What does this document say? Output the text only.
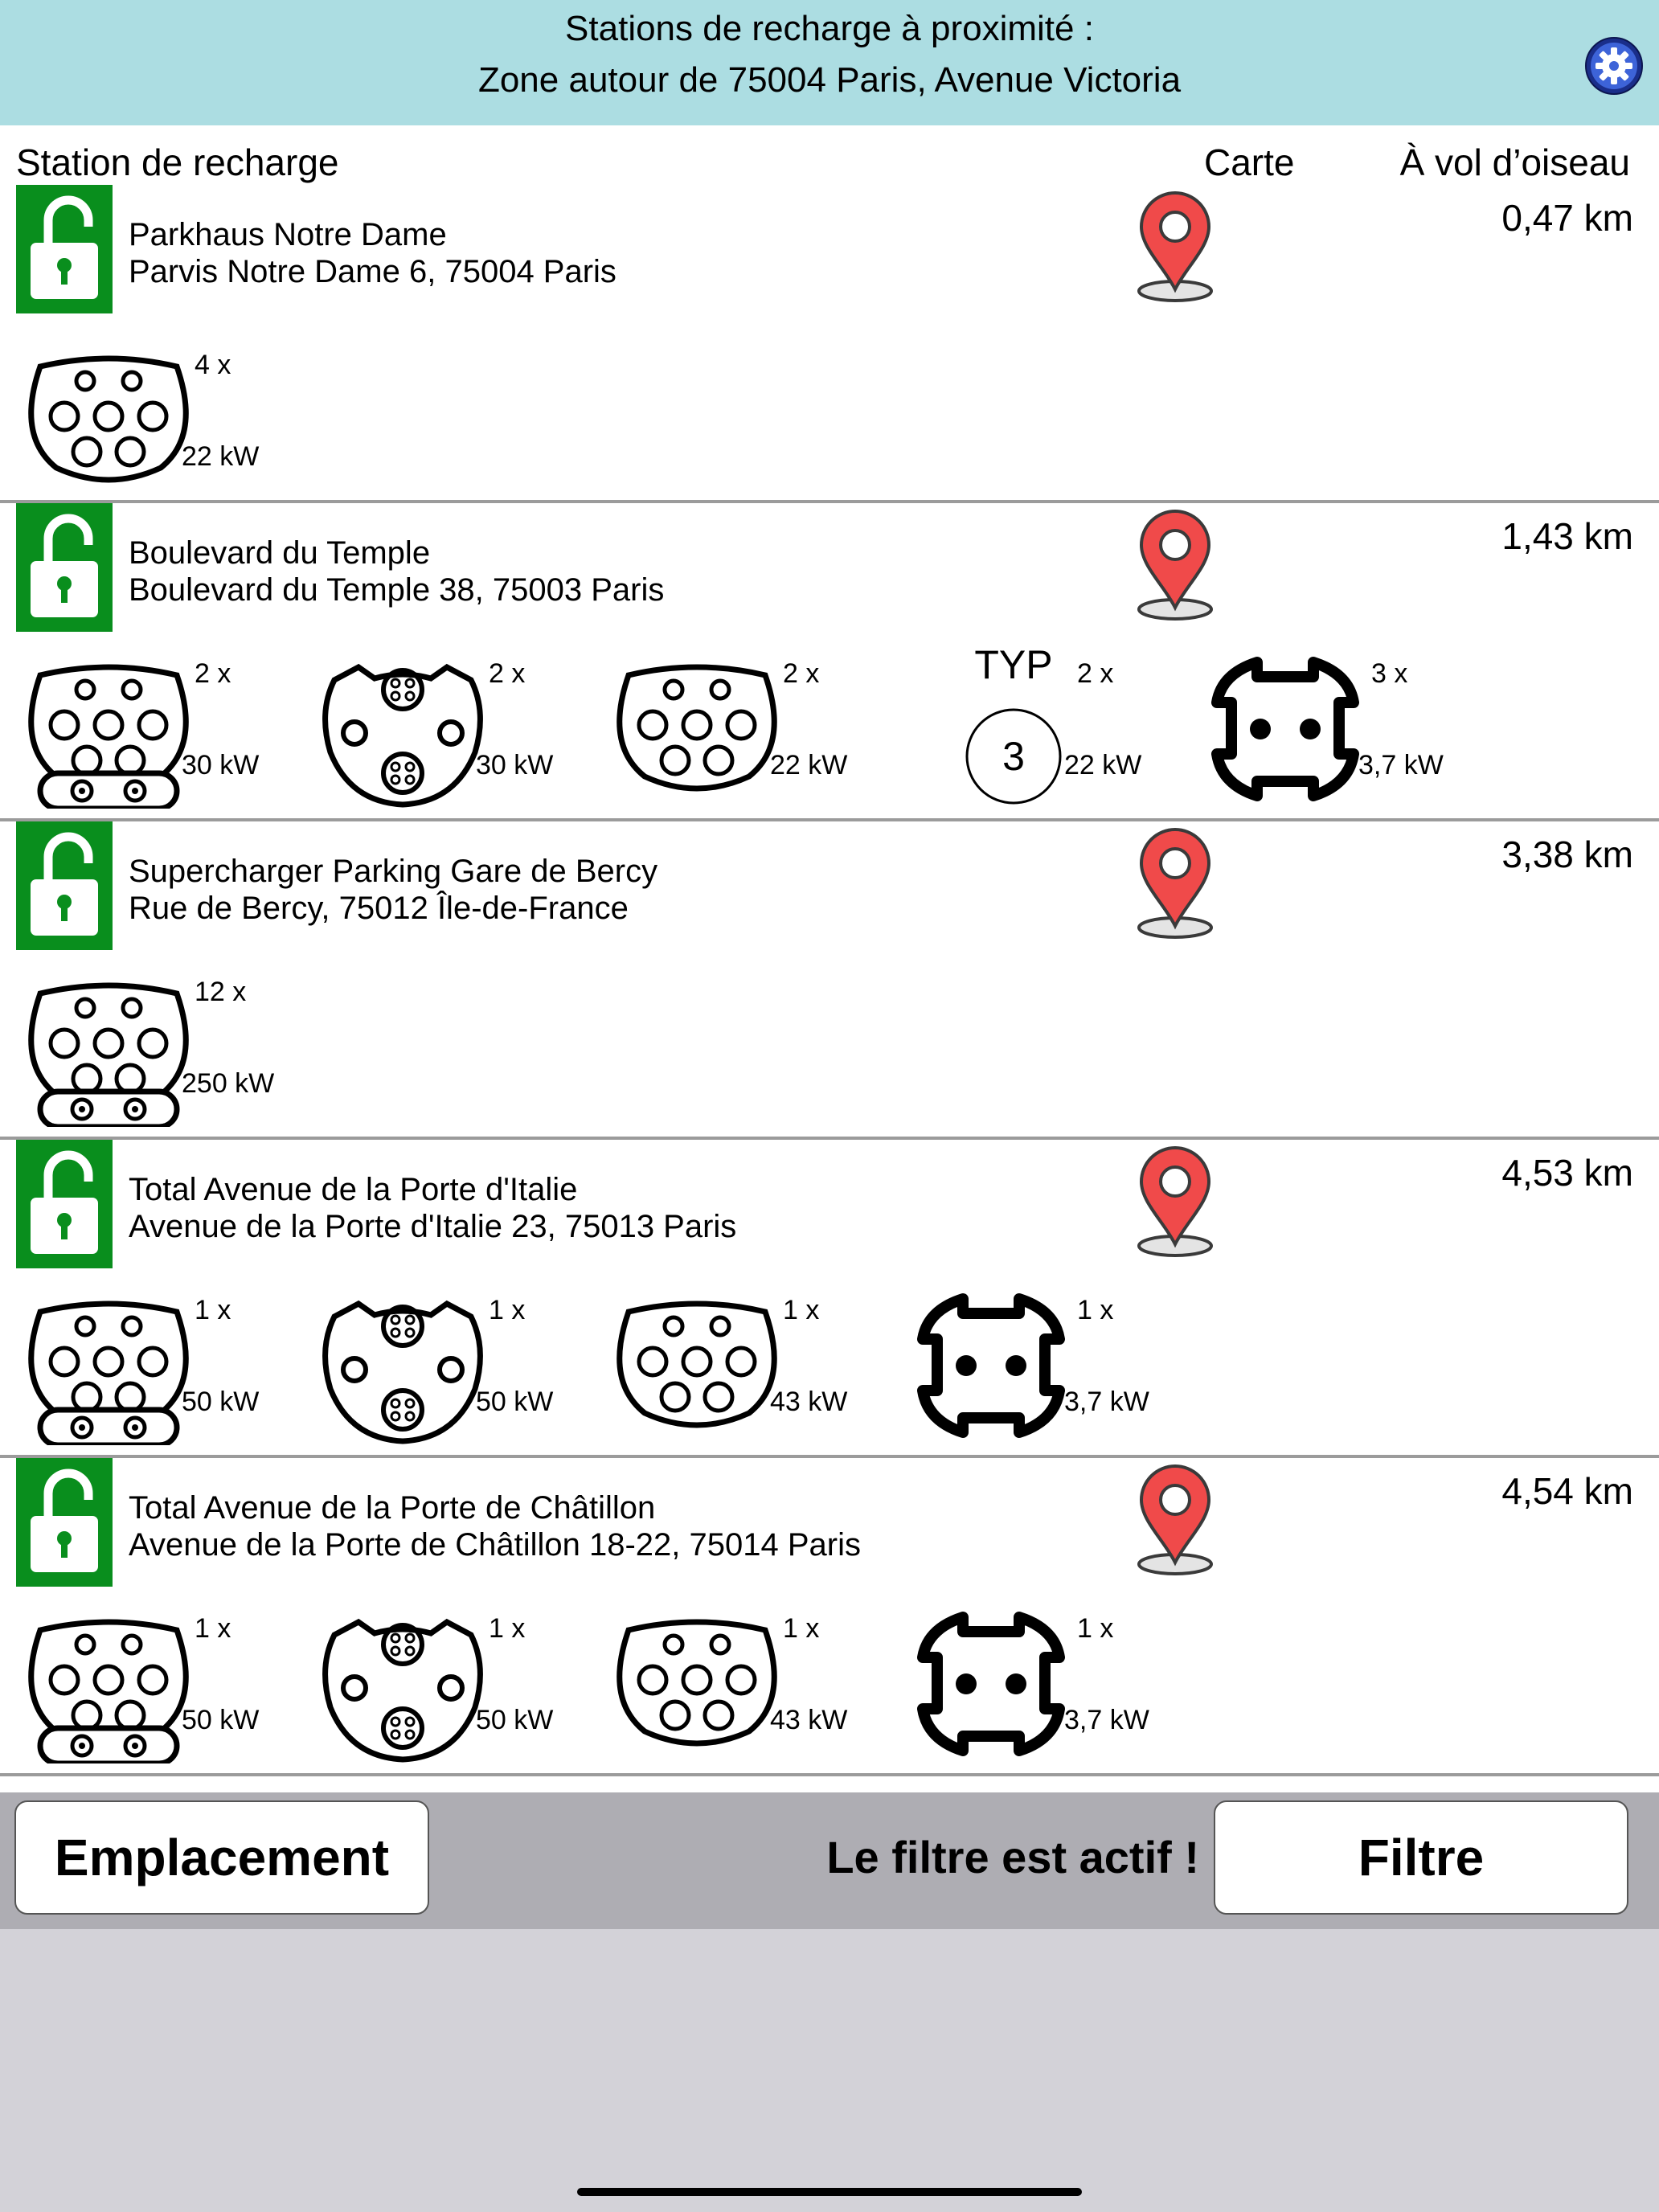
Stations de recharge à proximité :
Zone autour de 75004 Paris, Avenue Victoria
Station de recharge	Carte	À vol d’oiseau
Parkhaus Notre Dame
Parvis Notre Dame 6, 75004 Paris
0,47 km
4 x
22 kW
Boulevard du Temple
Boulevard du Temple 38, 75003 Paris
1,43 km
2 x
30 kW
2 x
30 kW
2 x
22 kW
TYP
3
2 x
22 kW
3 x
3,7 kW
Supercharger Parking Gare de Bercy
Rue de Bercy, 75012 Île-de-France
3,38 km
12 x
250 kW
Total Avenue de la Porte d'Italie
Avenue de la Porte d'Italie 23, 75013 Paris
4,53 km
1 x
50 kW
1 x
50 kW
1 x
43 kW
1 x
3,7 kW
Total Avenue de la Porte de Châtillon
Avenue de la Porte de Châtillon 18-22, 75014 Paris
4,54 km
1 x
50 kW
1 x
50 kW
1 x
43 kW
1 x
3,7 kW
Emplacement	Le filtre est actif !	Filtre
